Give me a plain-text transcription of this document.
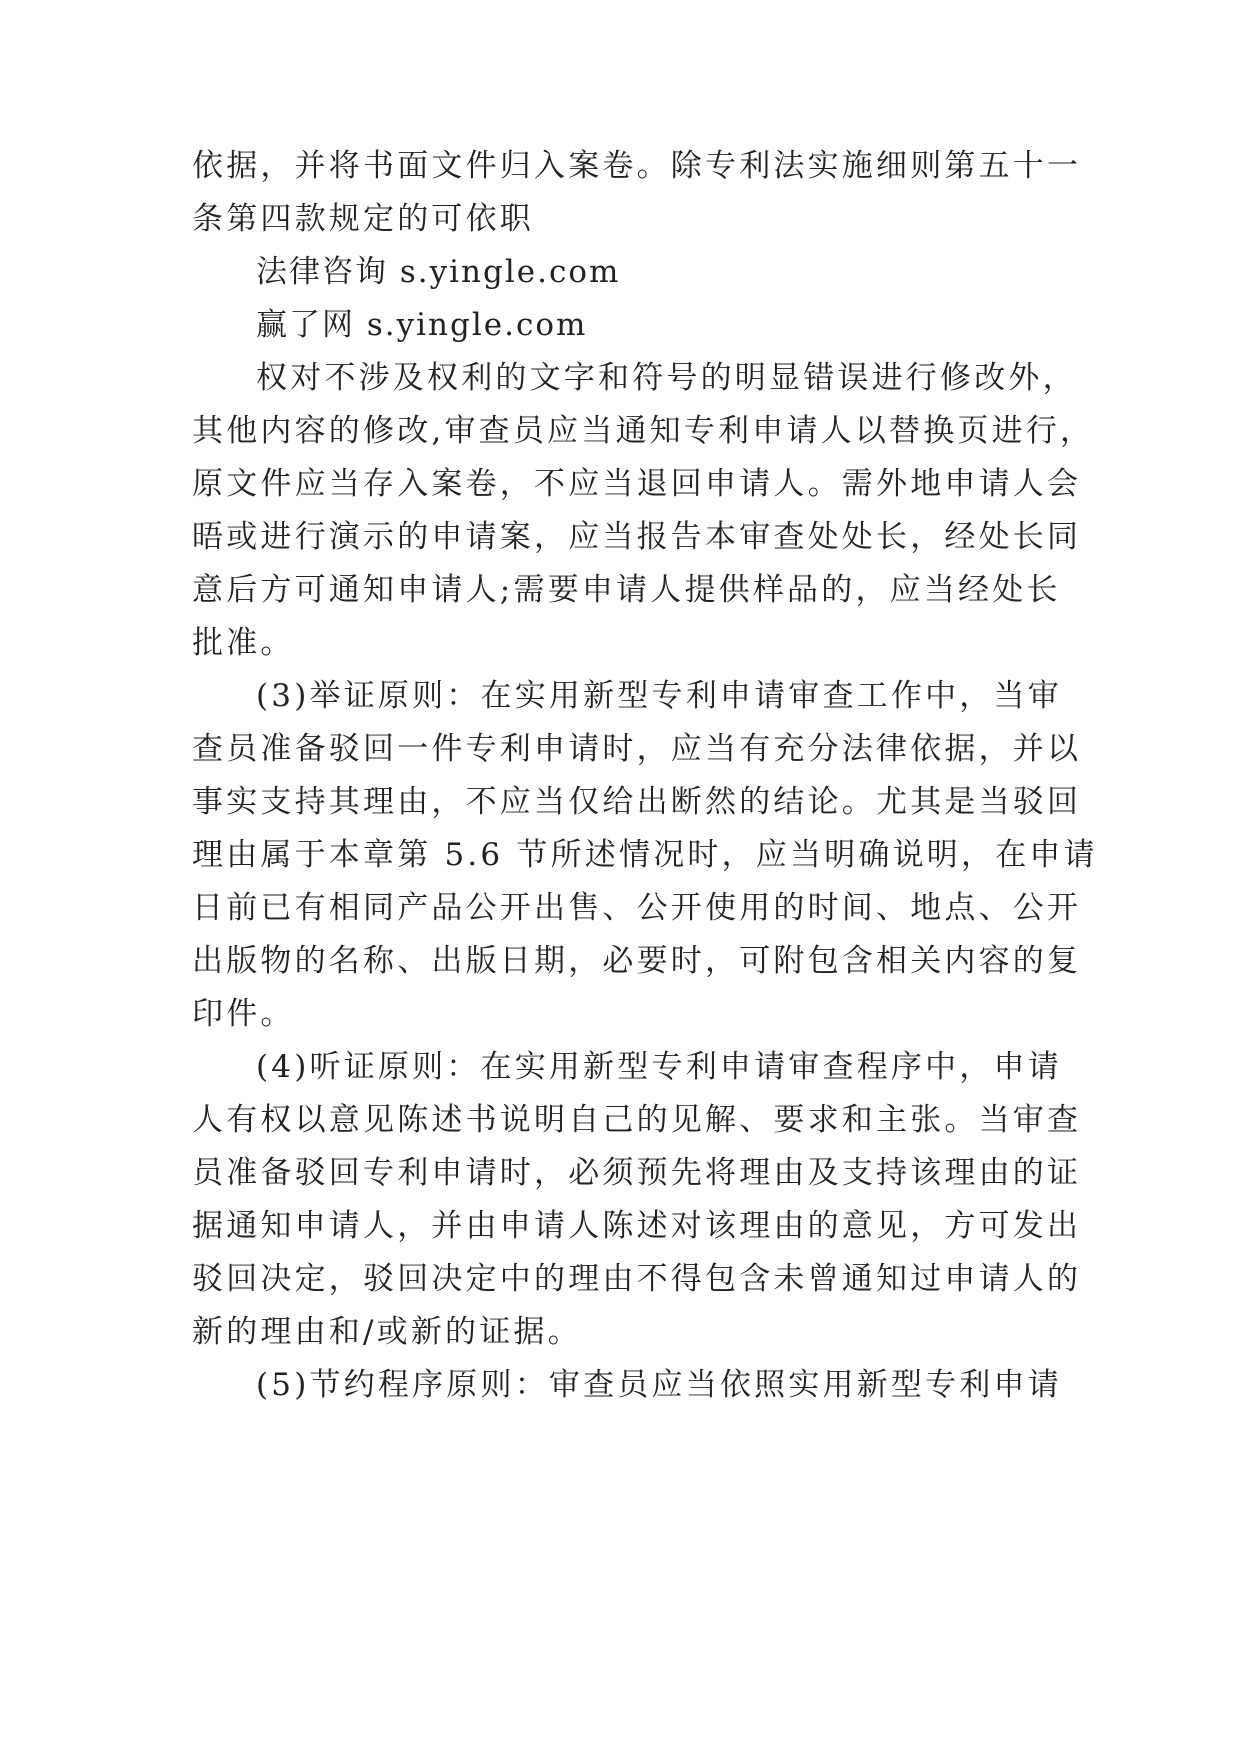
依据，并将书面文件归入案卷。除专利法实施细则第五十一
条第四款规定的可依职
法律咨询 s.yingle.com
赢了网 s.yingle.com
权对不涉及权利的文字和符号的明显错误进行修改外，
其他内容的修改,审查员应当通知专利申请人以替换页进行，
原文件应当存入案卷，不应当退回申请人。需外地申请人会
晤或进行演示的申请案，应当报告本审查处处长，经处长同
意后方可通知申请人;需要申请人提供样品的，应当经处长
批准。
(3)举证原则：在实用新型专利申请审查工作中，当审
查员准备驳回一件专利申请时，应当有充分法律依据，并以
事实支持其理由，不应当仅给出断然的结论。尤其是当驳回
理由属于本章第 5.6 节所述情况时，应当明确说明，在申请
日前已有相同产品公开出售、公开使用的时间、地点、公开
出版物的名称、出版日期，必要时，可附包含相关内容的复
印件。
(4)听证原则：在实用新型专利申请审查程序中，申请
人有权以意见陈述书说明自己的见解、要求和主张。当审查
员准备驳回专利申请时，必须预先将理由及支持该理由的证
据通知申请人，并由申请人陈述对该理由的意见，方可发出
驳回决定，驳回决定中的理由不得包含未曾通知过申请人的
新的理由和/或新的证据。
(5)节约程序原则：审查员应当依照实用新型专利申请
